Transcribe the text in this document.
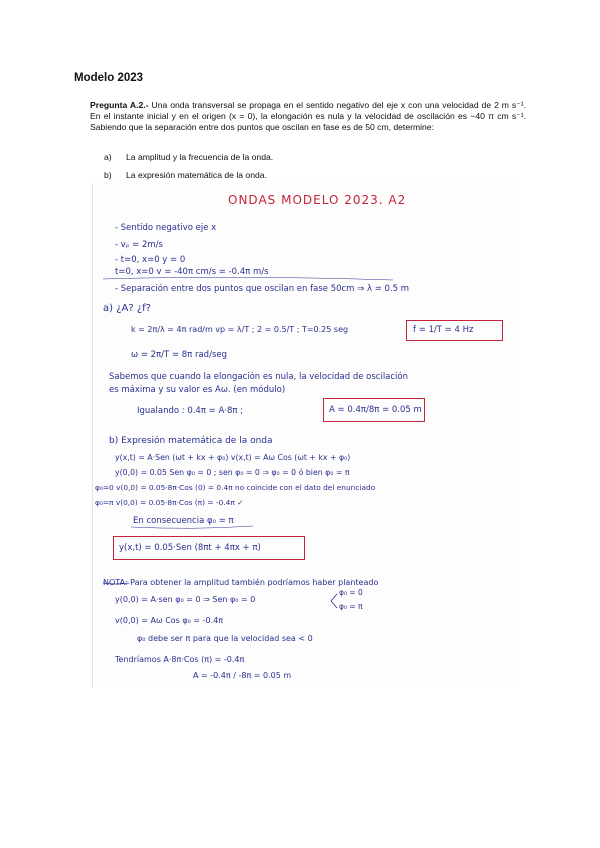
Modelo 2023
Pregunta A.2.- Una onda transversal se propaga en el sentido negativo del eje x con una velocidad de 2 m s⁻¹. En el instante inicial y en el origen (x = 0), la elongación es nula y la velocidad de oscilación es −40 π cm s⁻¹. Sabiendo que la separación entre dos puntos que oscilan en fase es de 50 cm, determine:
a) La amplitud y la frecuencia de la onda.
b) La expresión matemática de la onda.
ONDAS MODELO 2023. A2
- Sentido negativo eje x
- vₚ = 2m/s
- t=0, x=0 y = 0
t=0, x=0 v = -40π cm/s = -0.4π m/s
- Separación entre dos puntos que oscilan en fase 50cm ⇒ λ = 0.5 m
a) ¿A? ¿f?
k = 2π/λ = 4π rad/m vp = λ/T ; 2 = 0.5/T ; T=0.25 seg	f = 1/T = 4 Hz
ω = 2π/T = 8π rad/seg
Sabemos que cuando la elongación es nula, la velocidad de oscilación
es máxima y su valor es Aω. (en módulo)
Igualando : 0.4π = A·8π ;	A = 0.4π/8π = 0.05 m
b) Expresión matemática de la onda
y(x,t) = A·Sen (ωt + kx + φ₀) v(x,t) = Aω Cos (ωt + kx + φ₀)
y(0,0) = 0.05 Sen φ₀ = 0 ; sen φ₀ = 0 ⇒ φ₀ = 0 ó bien φ₀ = π
φ₀=0 v(0,0) = 0.05·8π·Cos (0) = 0.4π no coincide con el dato del enunciado
φ₀=π v(0,0) = 0.05·8π·Cos (π) = -0.4π ✓
En consecuencia φ₀ = π
y(x,t) = 0.05·Sen (8πt + 4πx + π)
NOTA: Para obtener la amplitud también podríamos haber planteado
y(0,0) = A·sen φ₀ = 0 ⇒ Sen φ₀ = 0
φ₀ = 0
φ₀ = π
v(0,0) = Aω Cos φ₀ = -0.4π
φ₀ debe ser π para que la velocidad sea < 0
Tendríamos A·8π·Cos (π) = -0.4π
A = -0.4π / -8π = 0.05 m
